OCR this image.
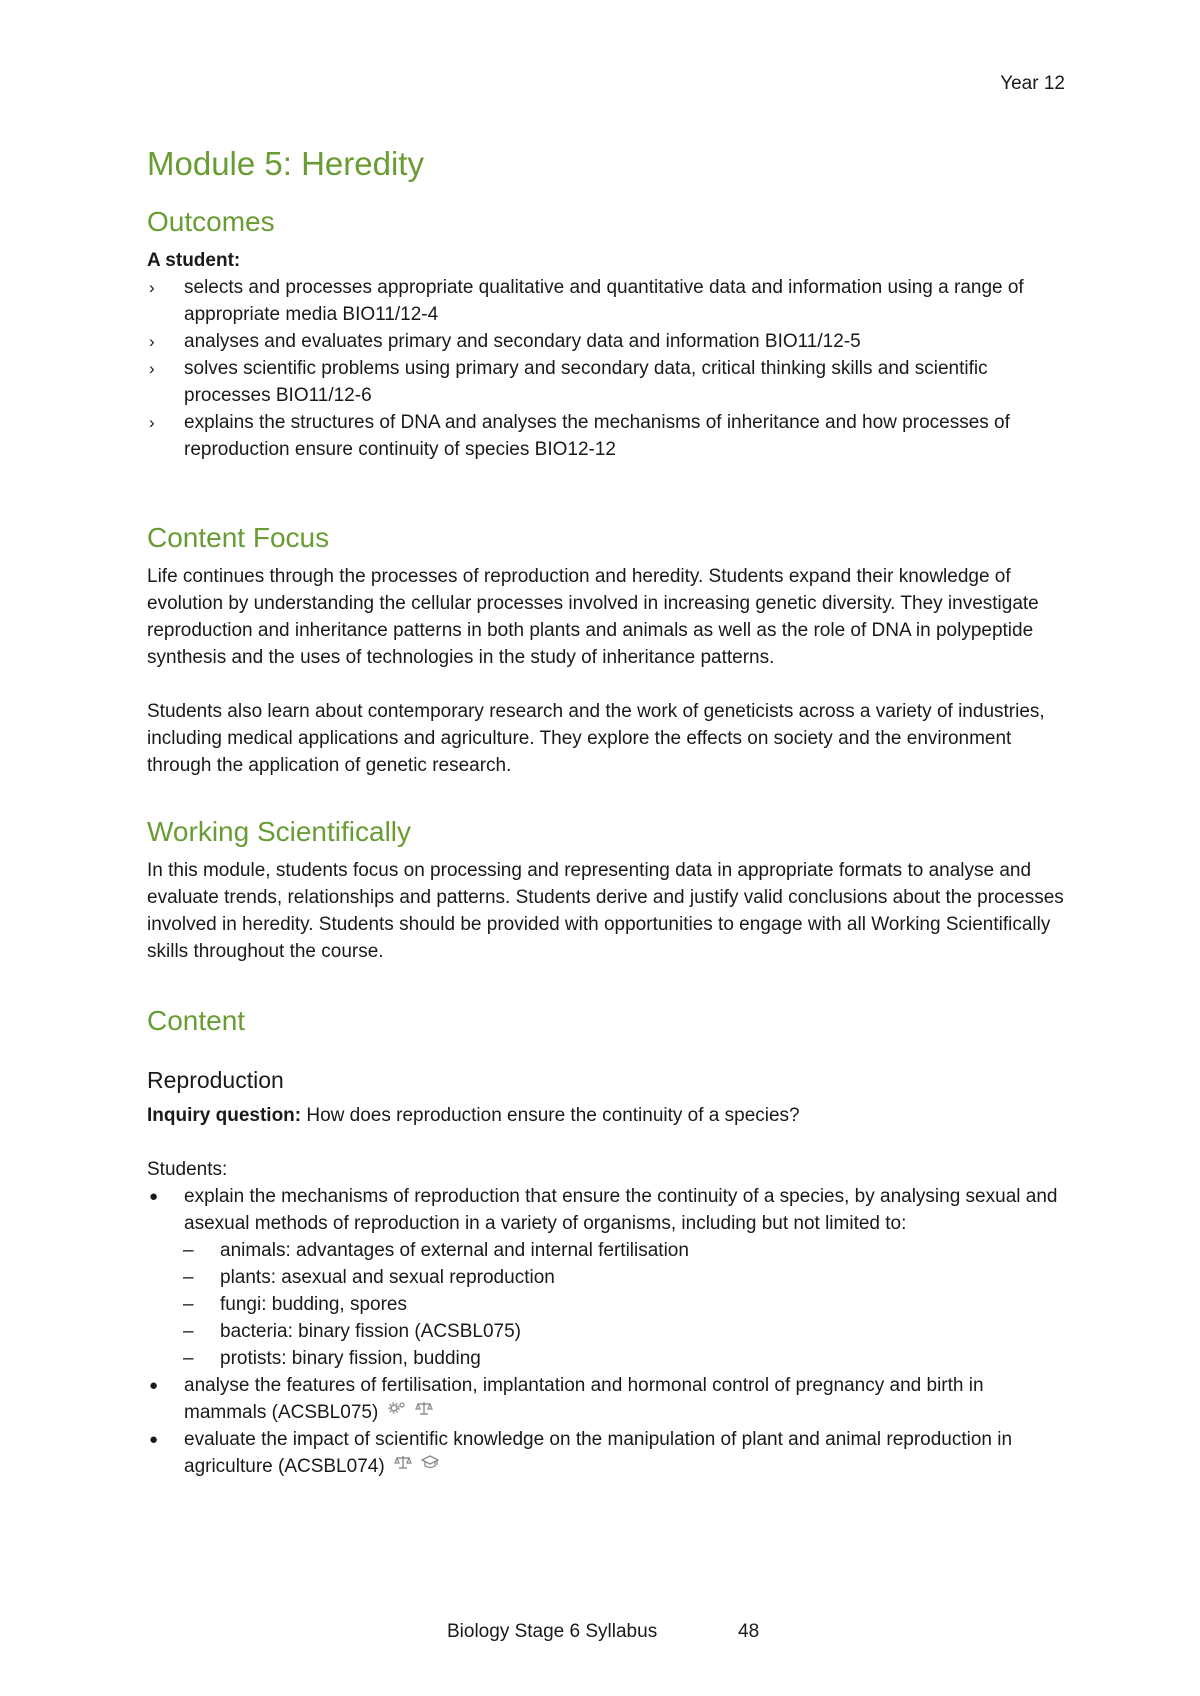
Year 12
Module 5: Heredity
Outcomes

A student:

› selects and processes appropriate qualitative and quantitative data and information using a range of appropriate media BIO11/12-4
› analyses and evaluates primary and secondary data and information BIO11/12-5
› solves scientific problems using primary and secondary data, critical thinking skills and scientific processes BIO11/12-6
› explains the structures of DNA and analyses the mechanisms of inheritance and how processes of reproduction ensure continuity of species BIO12-12
Content Focus

Life continues through the processes of reproduction and heredity. Students expand their knowledge of evolution by understanding the cellular processes involved in increasing genetic diversity. They investigate reproduction and inheritance patterns in both plants and animals as well as the role of DNA in polypeptide synthesis and the uses of technologies in the study of inheritance patterns.

Students also learn about contemporary research and the work of geneticists across a variety of industries, including medical applications and agriculture. They explore the effects on society and the environment through the application of genetic research.

Working Scientifically

In this module, students focus on processing and representing data in appropriate formats to analyse and evaluate trends, relationships and patterns. Students derive and justify valid conclusions about the processes involved in heredity. Students should be provided with opportunities to engage with all Working Scientifically skills throughout the course.

Content
Reproduction

Inquiry question: How does reproduction ensure the continuity of a species?

Students:

● explain the mechanisms of reproduction that ensure the continuity of a species, by analysing sexual and asexual methods of reproduction in a variety of organisms, including but not limited to:
– animals: advantages of external and internal fertilisation
– plants: asexual and sexual reproduction
– fungi: budding, spores
– bacteria: binary fission (ACSBL075)
– protists: binary fission, budding
● analyse the features of fertilisation, implantation and hormonal control of pregnancy and birth in mammals (ACSBL075)
● evaluate the impact of scientific knowledge on the manipulation of plant and animal reproduction in agriculture (ACSBL074)
Biology Stage 6 Syllabus	48
